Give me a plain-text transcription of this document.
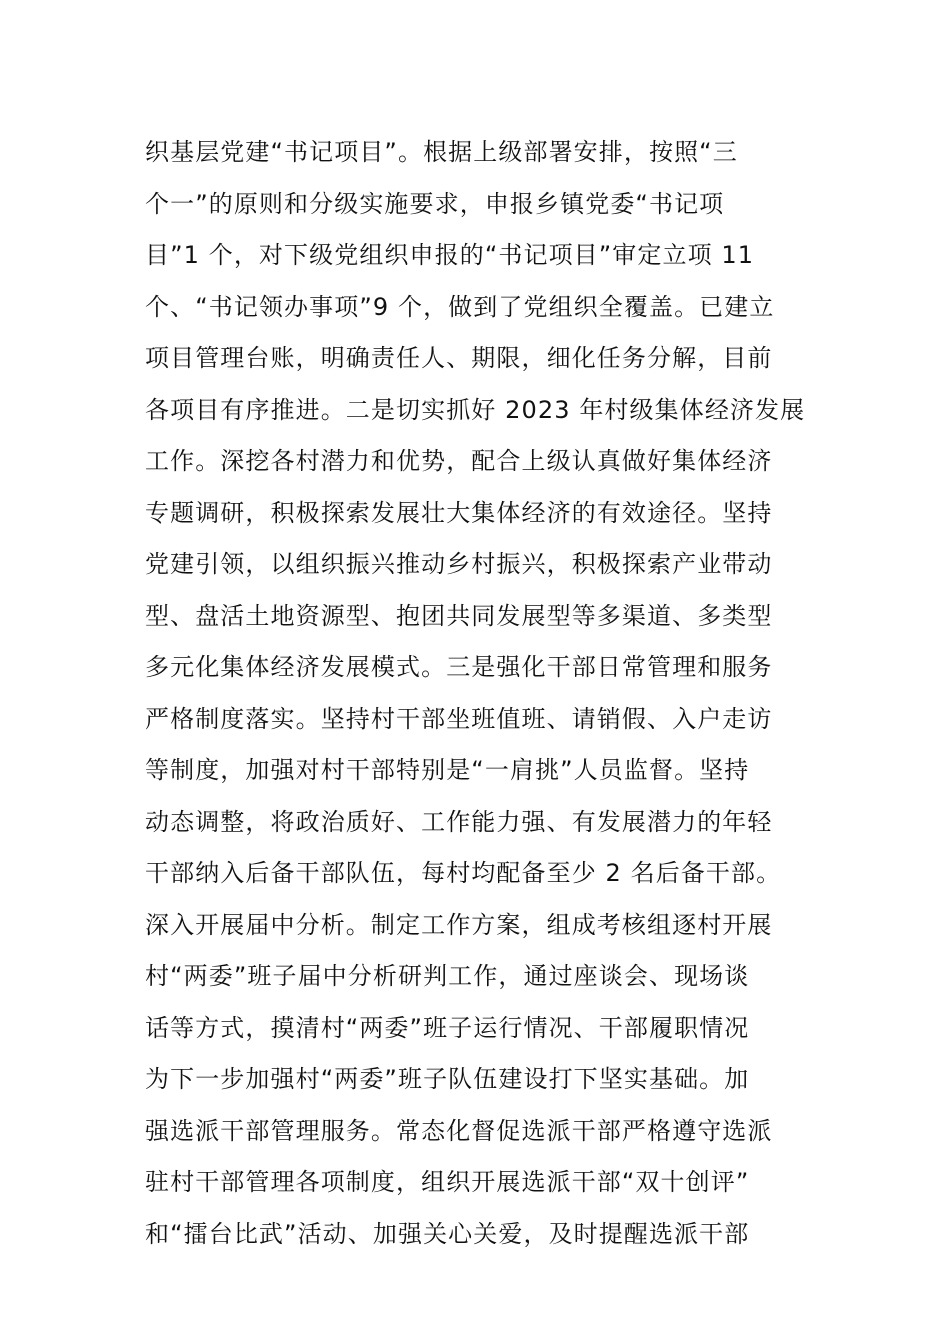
织基层党建“书记项目”。根据上级部署安排，按照“三
个一”的原则和分级实施要求，申报乡镇党委“书记项
目”1 个，对下级党组织申报的“书记项目”审定立项 11
个、“书记领办事项”9 个，做到了党组织全覆盖。已建立
项目管理台账，明确责任人、期限，细化任务分解，目前
各项目有序推进。二是切实抓好 2023 年村级集体经济发展
工作。深挖各村潜力和优势，配合上级认真做好集体经济
专题调研，积极探索发展壮大集体经济的有效途径。坚持
党建引领，以组织振兴推动乡村振兴，积极探索产业带动
型、盘活土地资源型、抱团共同发展型等多渠道、多类型
多元化集体经济发展模式。三是强化干部日常管理和服务
严格制度落实。坚持村干部坐班值班、请销假、入户走访
等制度，加强对村干部特别是“一肩挑”人员监督。坚持
动态调整，将政治质好、工作能力强、有发展潜力的年轻
干部纳入后备干部队伍，每村均配备至少 2 名后备干部。
深入开展届中分析。制定工作方案，组成考核组逐村开展
村“两委”班子届中分析研判工作，通过座谈会、现场谈
话等方式，摸清村“两委”班子运行情况、干部履职情况
为下一步加强村“两委”班子队伍建设打下坚实基础。加
强选派干部管理服务。常态化督促选派干部严格遵守选派
驻村干部管理各项制度，组织开展选派干部“双十创评”
和“擂台比武”活动、加强关心关爱，及时提醒选派干部
